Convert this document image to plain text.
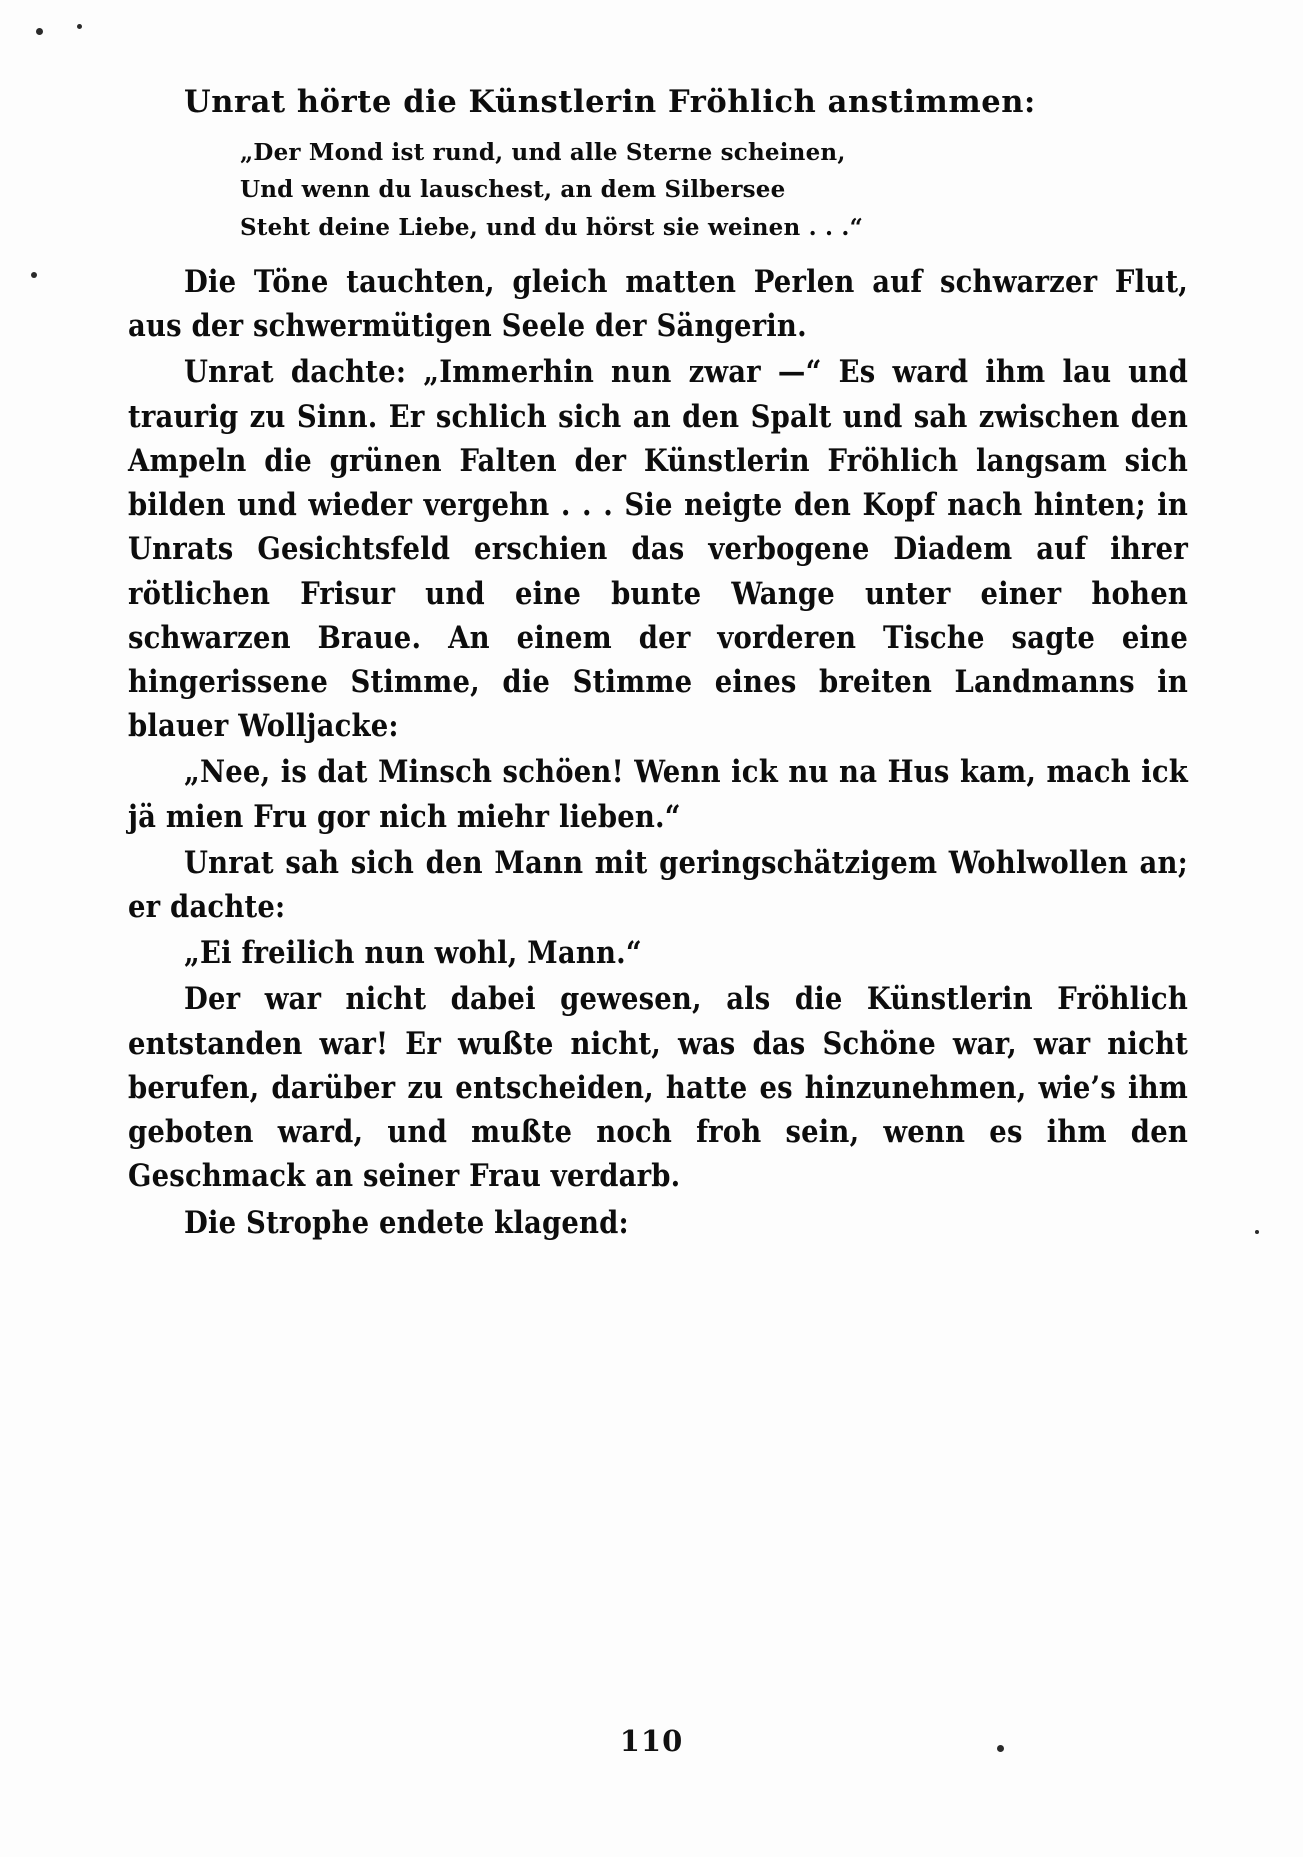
Unrat hörte die Künstlerin Fröhlich anstimmen:

„Der Mond ist rund, und alle Sterne scheinen,
Und wenn du lauschest, an dem Silbersee
Steht deine Liebe, und du hörst sie weinen . . .“

Die Töne tauchten, gleich matten Perlen auf schwarzer Flut, aus der schwermütigen Seele der Sängerin.

Unrat dachte: „Immerhin nun zwar —“ Es ward ihm lau und traurig zu Sinn. Er schlich sich an den Spalt und sah zwischen den Ampeln die grünen Falten der Künstlerin Fröhlich langsam sich bilden und wieder vergehn . . . Sie neigte den Kopf nach hinten; in Unrats Gesichtsfeld erschien das verbogene Diadem auf ihrer rötlichen Frisur und eine bunte Wange unter einer hohen schwarzen Braue. An einem der vorderen Tische sagte eine hingerissene Stimme, die Stimme eines breiten Landmanns in blauer Wolljacke:

„Nee, is dat Minsch schöen! Wenn ick nu na Hus kam, mach ick jä mien Fru gor nich miehr lieben.“

Unrat sah sich den Mann mit geringschätzigem Wohlwollen an; er dachte:

„Ei freilich nun wohl, Mann.“

Der war nicht dabei gewesen, als die Künstlerin Fröhlich entstanden war! Er wußte nicht, was das Schöne war, war nicht berufen, darüber zu entscheiden, hatte es hinzunehmen, wie’s ihm geboten ward, und mußte noch froh sein, wenn es ihm den Geschmack an seiner Frau verdarb.

Die Strophe endete klagend:

110
